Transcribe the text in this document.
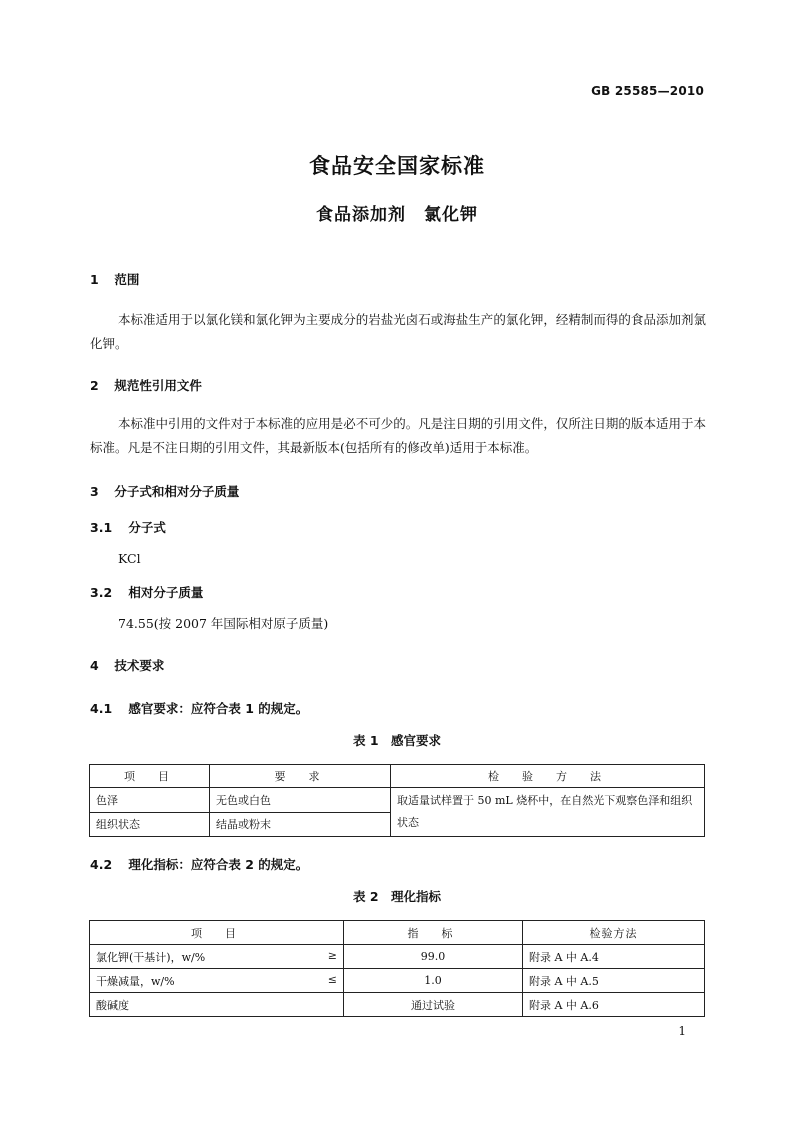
GB 25585—2010
食品安全国家标准
食品添加剂　氯化钾
1 范围
本标准适用于以氯化镁和氯化钾为主要成分的岩盐光卤石或海盐生产的氯化钾，经精制而得的食品添加剂氯化钾。
2 规范性引用文件
本标准中引用的文件对于本标准的应用是必不可少的。凡是注日期的引用文件，仅所注日期的版本适用于本标准。凡是不注日期的引用文件，其最新版本(包括所有的修改单)适用于本标准。
3 分子式和相对分子质量
3.1 分子式
KCl
3.2 相对分子质量
74.55(按 2007 年国际相对原子质量)
4 技术要求
4.1 感官要求：应符合表 1 的规定。
表 1　感官要求
项　目	要　求	检　验　方　法
色泽	无色或白色	取适量试样置于 50 mL 烧杯中，在自然光下观察色泽和组织状态
组织状态	结晶或粉末	
4.2 理化指标：应符合表 2 的规定。
表 2　理化指标
项　目	指　标	检验方法
氯化钾(干基计)，w/% ≥	99.0	附录 A 中 A.4
干燥减量，w/% ≤	1.0	附录 A 中 A.5
酸碱度	通过试验	附录 A 中 A.6
1
